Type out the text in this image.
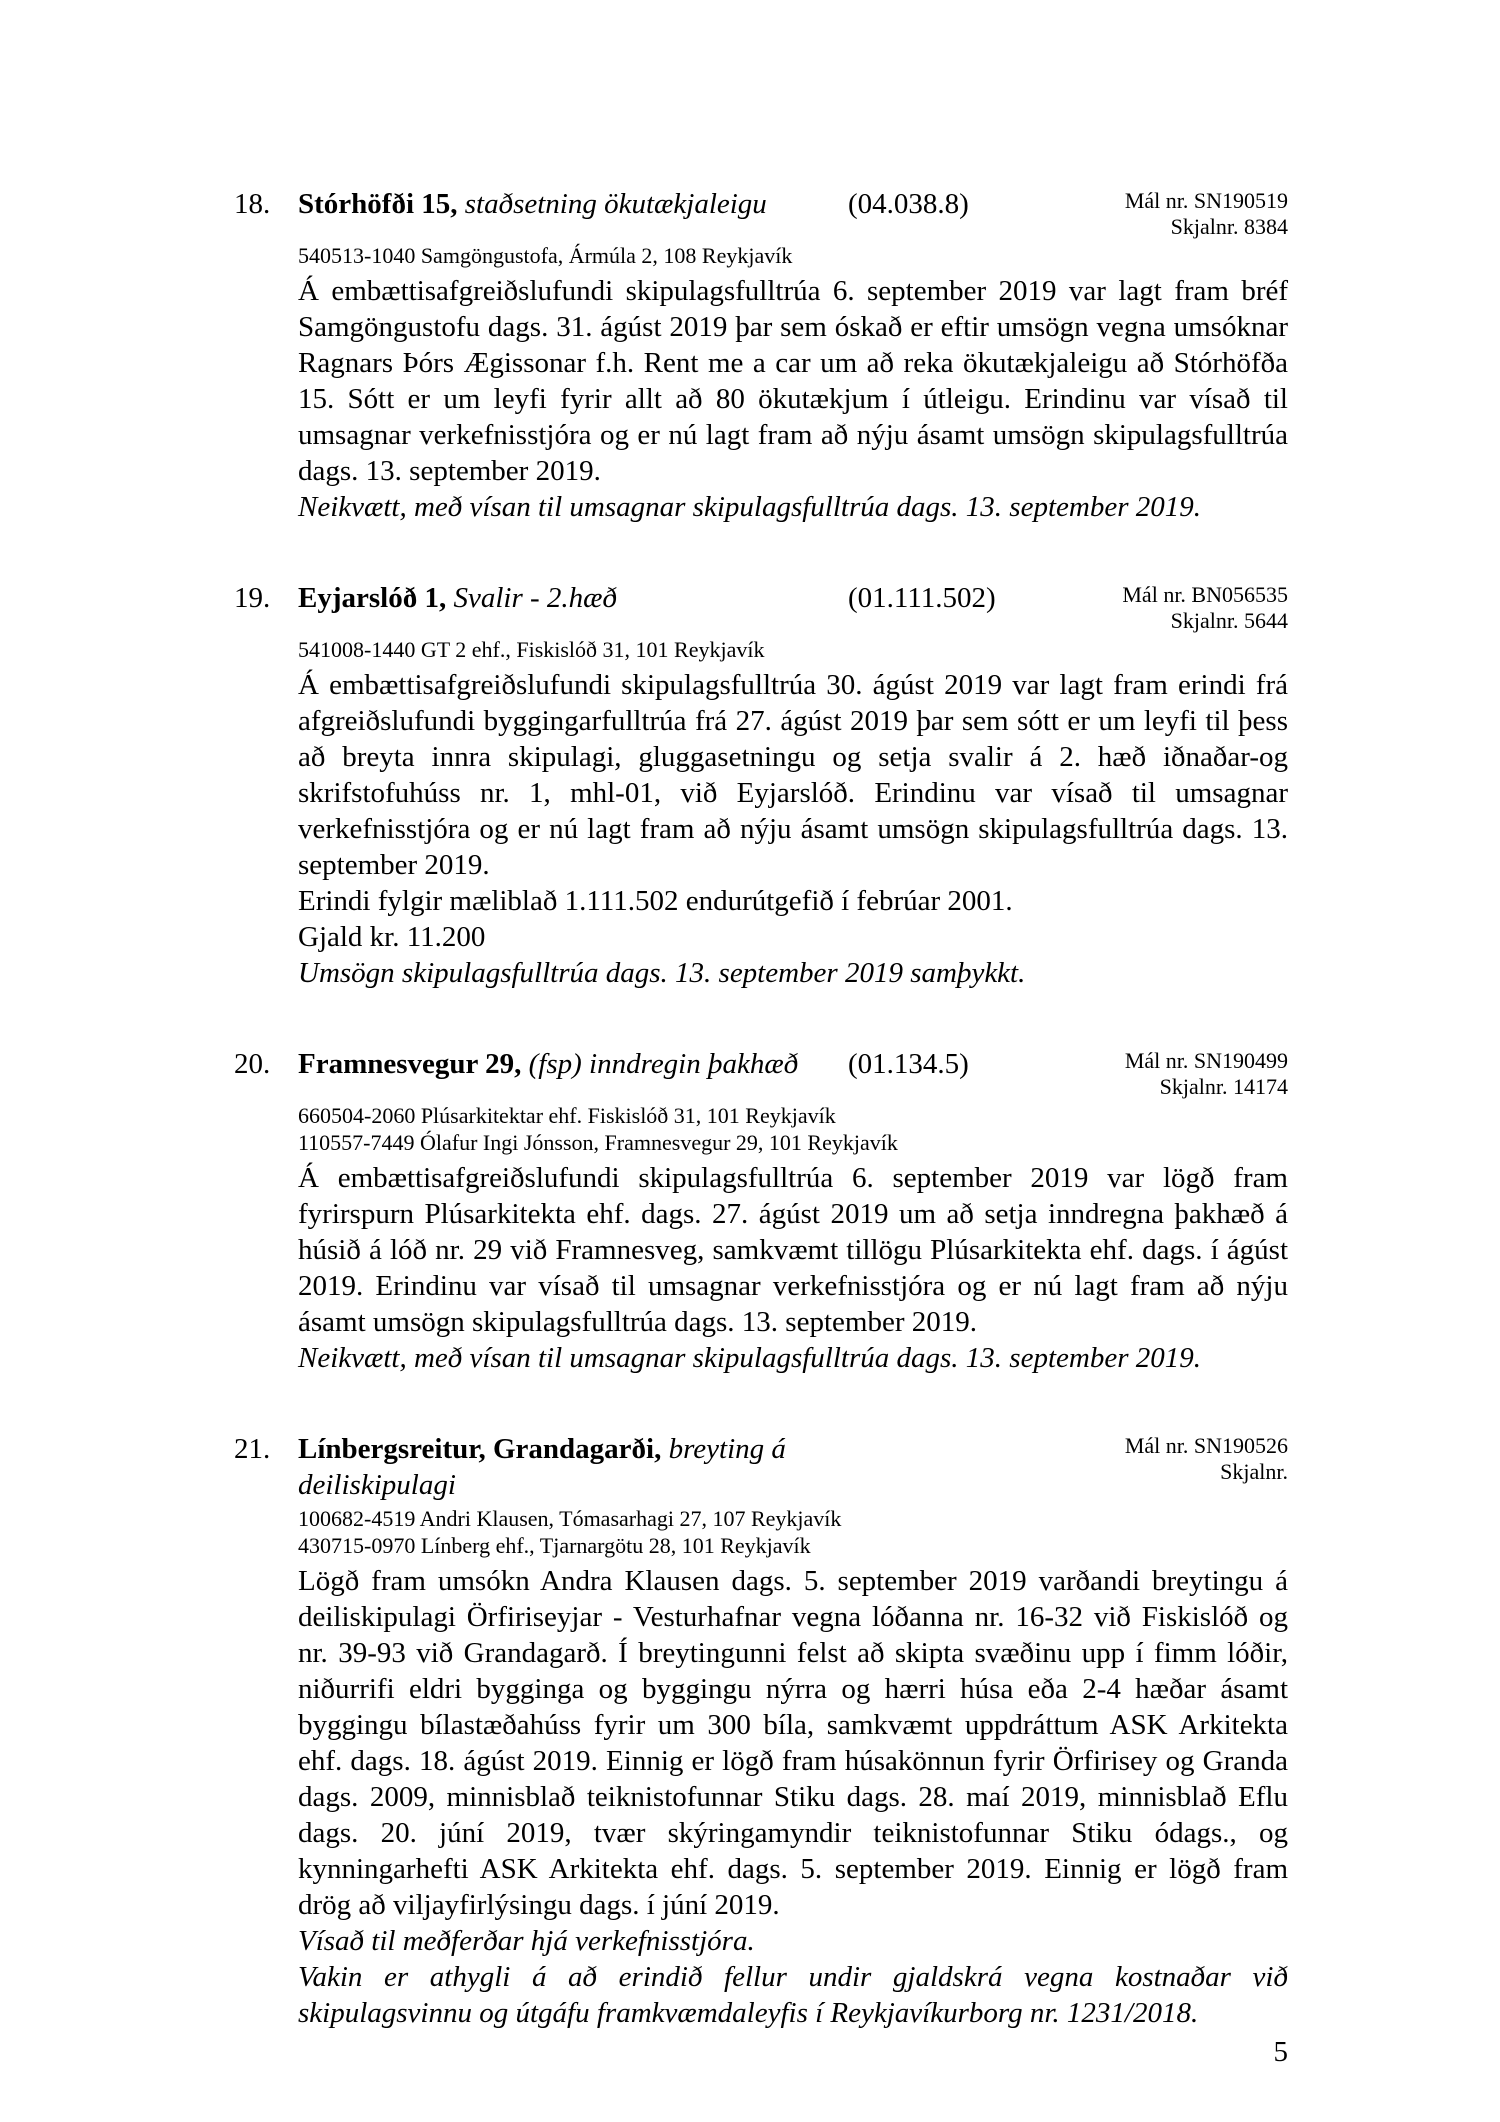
18. Stórhöfði 15, staðsetning ökutækjaleigu	(04.038.8)	Mál nr. SN190519
Skjalnr. 8384
540513-1040 Samgöngustofa, Ármúla 2, 108 Reykjavík

Á embættisafgreiðslufundi skipulagsfulltrúa 6. september 2019 var lagt fram bréf Samgöngustofu dags. 31. ágúst 2019 þar sem óskað er eftir umsögn vegna umsóknar Ragnars Þórs Ægissonar f.h. Rent me a car um að reka ökutækjaleigu að Stórhöfða 15. Sótt er um leyfi fyrir allt að 80 ökutækjum í útleigu. Erindinu var vísað til umsagnar verkefnisstjóra og er nú lagt fram að nýju ásamt umsögn skipulagsfulltrúa dags. 13. september 2019.

Neikvætt, með vísan til umsagnar skipulagsfulltrúa dags. 13. september 2019.

19. Eyjarslóð 1, Svalir - 2.hæð	(01.111.502)	Mál nr. BN056535
Skjalnr. 5644
541008-1440 GT 2 ehf., Fiskislóð 31, 101 Reykjavík

Á embættisafgreiðslufundi skipulagsfulltrúa 30. ágúst 2019 var lagt fram erindi frá afgreiðslufundi byggingarfulltrúa frá 27. ágúst 2019 þar sem sótt er um leyfi til þess að breyta innra skipulagi, gluggasetningu og setja svalir á 2. hæð iðnaðar-og skrifstofuhúss nr. 1, mhl-01, við Eyjarslóð. Erindinu var vísað til umsagnar verkefnisstjóra og er nú lagt fram að nýju ásamt umsögn skipulagsfulltrúa dags. 13. september 2019.

Erindi fylgir mæliblað 1.111.502 endurútgefið í febrúar 2001.

Gjald kr. 11.200

Umsögn skipulagsfulltrúa dags. 13. september 2019 samþykkt.

20. Framnesvegur 29, (fsp) inndregin þakhæð	(01.134.5)	Mál nr. SN190499
Skjalnr. 14174
660504-2060 Plúsarkitektar ehf. Fiskislóð 31, 101 Reykjavík
110557-7449 Ólafur Ingi Jónsson, Framnesvegur 29, 101 Reykjavík

Á embættisafgreiðslufundi skipulagsfulltrúa 6. september 2019 var lögð fram fyrirspurn Plúsarkitekta ehf. dags. 27. ágúst 2019 um að setja inndregna þakhæð á húsið á lóð nr. 29 við Framnesveg, samkvæmt tillögu Plúsarkitekta ehf. dags. í ágúst 2019. Erindinu var vísað til umsagnar verkefnisstjóra og er nú lagt fram að nýju ásamt umsögn skipulagsfulltrúa dags. 13. september 2019.

Neikvætt, með vísan til umsagnar skipulagsfulltrúa dags. 13. september 2019.

21. Línbergsreitur, Grandagarði, breyting á deiliskipulagi
Mál nr. SN190526
Skjalnr.
100682-4519 Andri Klausen, Tómasarhagi 27, 107 Reykjavík
430715-0970 Línberg ehf., Tjarnargötu 28, 101 Reykjavík

Lögð fram umsókn Andra Klausen dags. 5. september 2019 varðandi breytingu á deiliskipulagi Örfiriseyjar - Vesturhafnar vegna lóðanna nr. 16-32 við Fiskislóð og nr. 39-93 við Grandagarð. Í breytingunni felst að skipta svæðinu upp í fimm lóðir, niðurrifi eldri bygginga og byggingu nýrra og hærri húsa eða 2-4 hæðar ásamt byggingu bílastæðahúss fyrir um 300 bíla, samkvæmt uppdráttum ASK Arkitekta ehf. dags. 18. ágúst 2019. Einnig er lögð fram húsakönnun fyrir Örfirisey og Granda dags. 2009, minnisblað teiknistofunnar Stiku dags. 28. maí 2019, minnisblað Eflu dags. 20. júní 2019, tvær skýringamyndir teiknistofunnar Stiku ódags., og kynningarhefti ASK Arkitekta ehf. dags. 5. september 2019. Einnig er lögð fram drög að viljayfirlýsingu dags. í júní 2019.

Vísað til meðferðar hjá verkefnisstjóra.

Vakin er athygli á að erindið fellur undir gjaldskrá vegna kostnaðar við skipulagsvinnu og útgáfu framkvæmdaleyfis í Reykjavíkurborg nr. 1231/2018.

5
